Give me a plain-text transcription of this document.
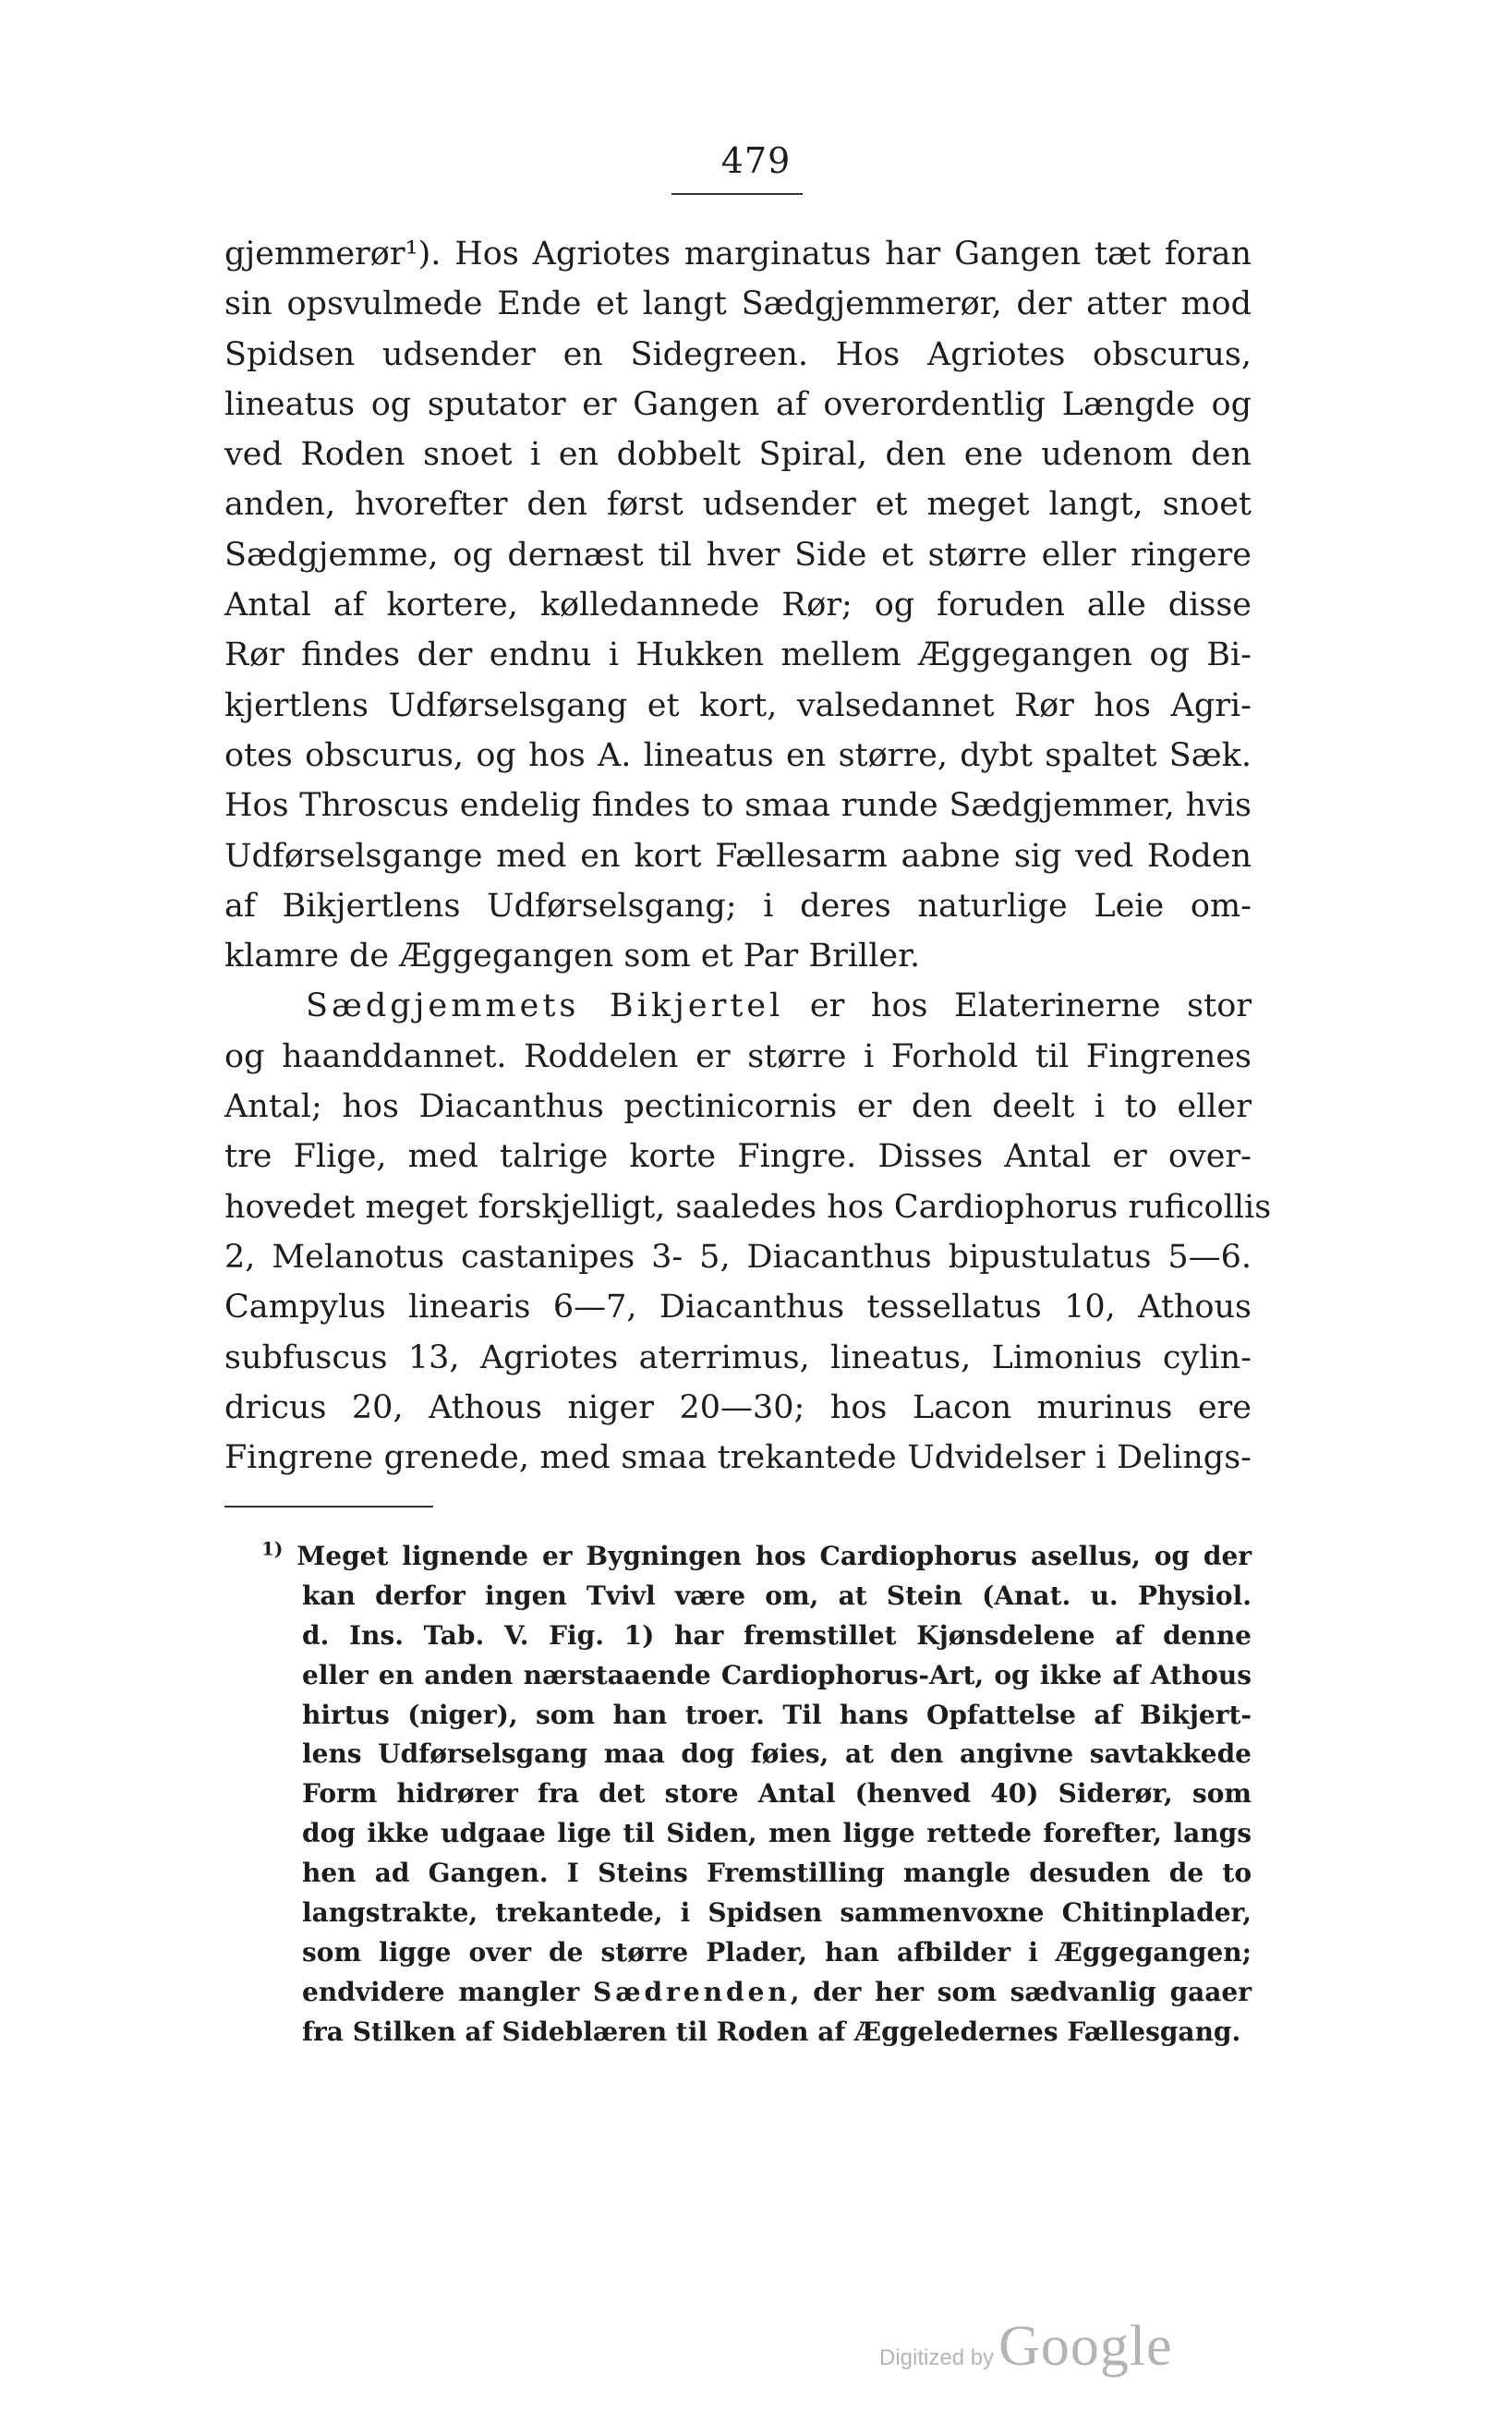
479
gjemmerør¹). Hos Agriotes marginatus har Gangen tæt foran
sin opsvulmede Ende et langt Sædgjemmerør, der atter mod
Spidsen udsender en Sidegreen. Hos Agriotes obscurus,
lineatus og sputator er Gangen af overordentlig Længde og
ved Roden snoet i en dobbelt Spiral, den ene udenom den
anden, hvorefter den først udsender et meget langt, snoet
Sædgjemme, og dernæst til hver Side et større eller ringere
Antal af kortere, kølledannede Rør; og foruden alle disse
Rør findes der endnu i Hukken mellem Æggegangen og Bi-
kjertlens Udførselsgang et kort, valsedannet Rør hos Agri-
otes obscurus, og hos A. lineatus en større, dybt spaltet Sæk.
Hos Throscus endelig findes to smaa runde Sædgjemmer, hvis
Udførselsgange med en kort Fællesarm aabne sig ved Roden
af Bikjertlens Udførselsgang; i deres naturlige Leie om-
klamre de Æggegangen som et Par Briller.
Sædgjemmets Bikjertel er hos Elaterinerne stor
og haanddannet. Roddelen er større i Forhold til Fingrenes
Antal; hos Diacanthus pectinicornis er den deelt i to eller
tre Flige, med talrige korte Fingre. Disses Antal er over-
hovedet meget forskjelligt, saaledes hos Cardiophorus ruficollis
2, Melanotus castanipes 3- 5, Diacanthus bipustulatus 5—6.
Campylus linearis 6—7, Diacanthus tessellatus 10, Athous
subfuscus 13, Agriotes aterrimus, lineatus, Limonius cylin-
dricus 20, Athous niger 20—30; hos Lacon murinus ere
Fingrene grenede, med smaa trekantede Udvidelser i Delings-
$^{1)}$ Meget lignende er Bygningen hos Cardiophorus asellus, og der
kan derfor ingen Tvivl være om, at Stein (Anat. u. Physiol.
d. Ins. Tab. V. Fig. 1) har fremstillet Kjønsdelene af denne
eller en anden nærstaaende Cardiophorus-Art, og ikke af Athous
hirtus (niger), som han troer. Til hans Opfattelse af Bikjert-
lens Udførselsgang maa dog føies, at den angivne savtakkede
Form hidrører fra det store Antal (henved 40) Siderør, som
dog ikke udgaae lige til Siden, men ligge rettede forefter, langs
hen ad Gangen. I Steins Fremstilling mangle desuden de to
langstrakte, trekantede, i Spidsen sammenvoxne Chitinplader,
som ligge over de større Plader, han afbilder i Æggegangen;
endvidere mangler Sædrenden, der her som sædvanlig gaaer
fra Stilken af Sideblæren til Roden af Æggeledernes Fællesgang.
Digitized by Google
